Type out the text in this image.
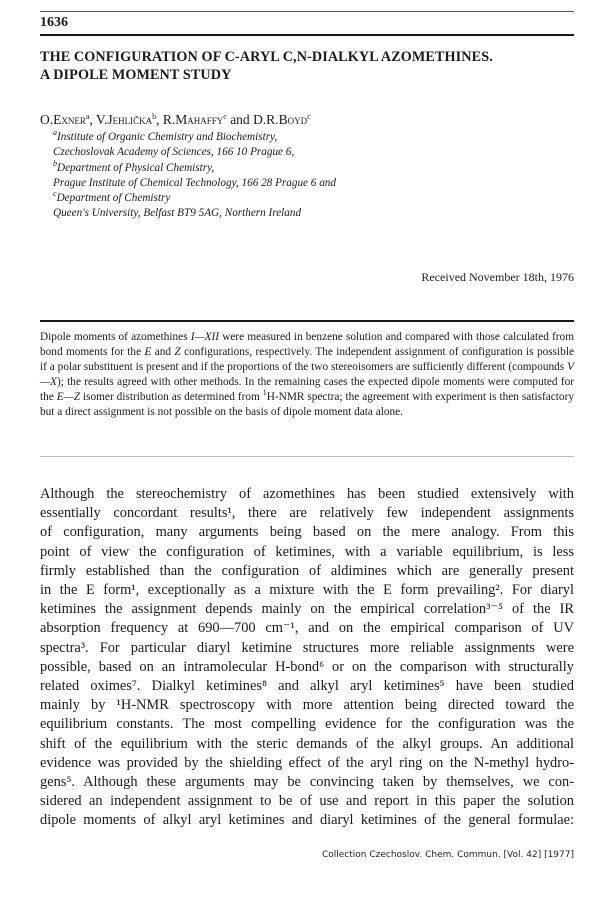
1636
THE CONFIGURATION OF C-ARYL C,N-DIALKYL AZOMETHINES.
A DIPOLE MOMENT STUDY
O.Exner$^a$, V.Jehlička$^b$, R.Mahaffy$^c$ and D.R.Boyd$^c$
$^a$Institute of Organic Chemistry and Biochemistry,
Czechoslovak Academy of Sciences, 166 10 Prague 6,
$^b$Department of Physical Chemistry,
Prague Institute of Chemical Technology, 166 28 Prague 6 and
$^c$Department of Chemistry
Queen's University, Belfast BT9 5AG, Northern Ireland
Received November 18th, 1976

Dipole moments of azomethines I—XII were measured in benzene solution and compared with those calculated from bond moments for the E and Z configurations, respectively. The independent assignment of configuration is possible if a polar substituent is present and if the proportions of the two stereoisomers are sufficiently different (compounds V—X); the results agreed with other methods. In the remaining cases the expected dipole moments were computed for the E—Z isomer distribution as determined from $^1$H-NMR spectra; the agreement with experiment is then satisfactory but a direct assignment is not possible on the basis of dipole moment data alone.

Although the stereochemistry of azomethines has been studied extensively with
essentially concordant results¹, there are relatively few independent assignments
of configuration, many arguments being based on the mere analogy. From this
point of view the configuration of ketimines, with a variable equilibrium, is less
firmly established than the configuration of aldimines which are generally present
in the E form¹, exceptionally as a mixture with the E form prevailing². For diaryl
ketimines the assignment depends mainly on the empirical correlation³⁻⁵ of the IR
absorption frequency at 690—700 cm⁻¹, and on the empirical comparison of UV
spectra³. For particular diaryl ketimine structures more reliable assignments were
possible, based on an intramolecular H-bond⁶ or on the comparison with structurally
related oximes⁷. Dialkyl ketimines⁸ and alkyl aryl ketimines⁵ have been studied
mainly by ¹H-NMR spectroscopy with more attention being directed toward the
equilibrium constants. The most compelling evidence for the configuration was the
shift of the equilibrium with the steric demands of the alkyl groups. An additional
evidence was provided by the shielding effect of the aryl ring on the N-methyl hydro-
gens⁵. Although these arguments may be convincing taken by themselves, we con-
sidered an independent assignment to be of use and report in this paper the solution
dipole moments of alkyl aryl ketimines and diaryl ketimines of the general formulae:
Collection Czechoslov. Chem. Commun. [Vol. 42] [1977]
